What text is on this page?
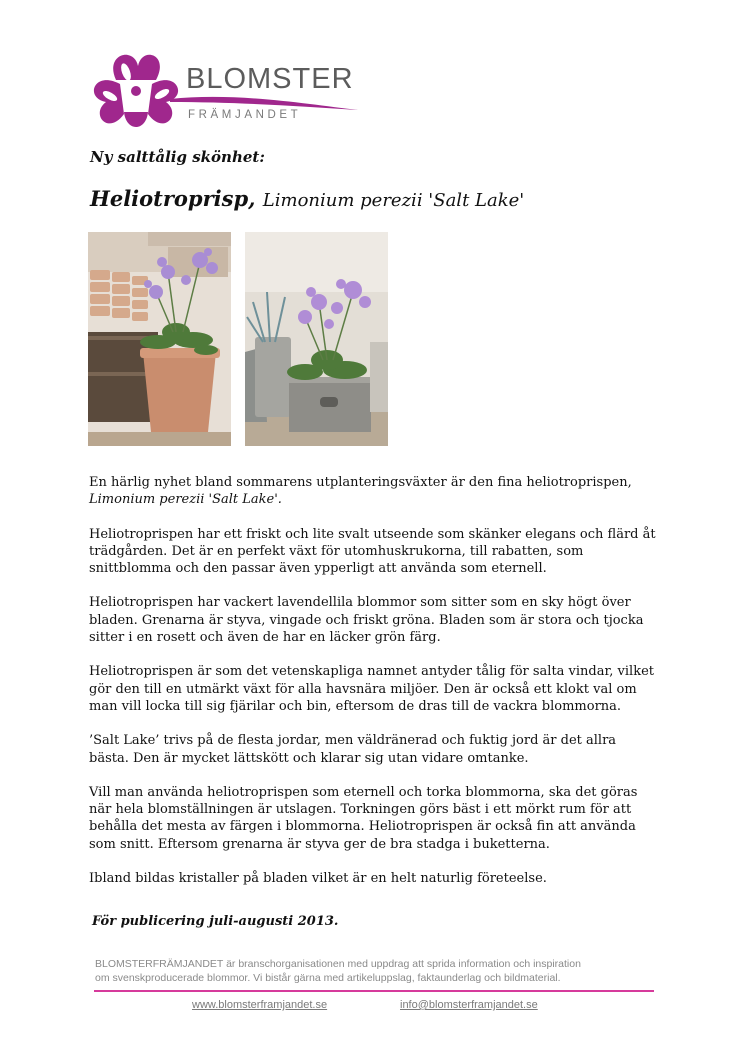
BLOMSTER
FRÄMJANDET
Ny salttålig skönhet:
Heliotroprisp, Limonium perezii 'Salt Lake'

En härlig nyhet bland sommarens utplanteringsväxter är den fina heliotroprispen,
Limonium perezii 'Salt Lake'.

Heliotroprispen har ett friskt och lite svalt utseende som skänker elegans och flärd åt trädgården. Det är en perfekt växt för utomhuskrukorna, till rabatten, som snittblomma och den passar även ypperligt att använda som eternell.

Heliotroprispen har vackert lavendellila blommor som sitter som en sky högt över bladen. Grenarna är styva, vingade och friskt gröna. Bladen som är stora och tjocka sitter i en rosett och även de har en läcker grön färg.

Heliotroprispen är som det vetenskapliga namnet antyder tålig för salta vindar, vilket gör den till en utmärkt växt för alla havsnära miljöer. Den är också ett klokt val om man vill locka till sig fjärilar och bin, eftersom de dras till de vackra blommorna.

’Salt Lake’ trivs på de flesta jordar, men väldränerad och fuktig jord är det allra bästa. Den är mycket lättskött och klarar sig utan vidare omtanke.

Vill man använda heliotroprispen som eternell och torka blommorna, ska det göras när hela blomställningen är utslagen. Torkningen görs bäst i ett mörkt rum för att behålla det mesta av färgen i blommorna. Heliotroprispen är också fin att använda som snitt. Eftersom grenarna är styva ger de bra stadga i buketterna.

Ibland bildas kristaller på bladen vilket är en helt naturlig företeelse.

För publicering juli-augusti 2013.
BLOMSTERFRÄMJANDET är branschorganisationen med uppdrag att sprida information och inspiration
om svenskproducerade blommor. Vi bistår gärna med artikeluppslag, faktaunderlag och bildmaterial.
www.blomsterframjandet.se	info@blomsterframjandet.se
